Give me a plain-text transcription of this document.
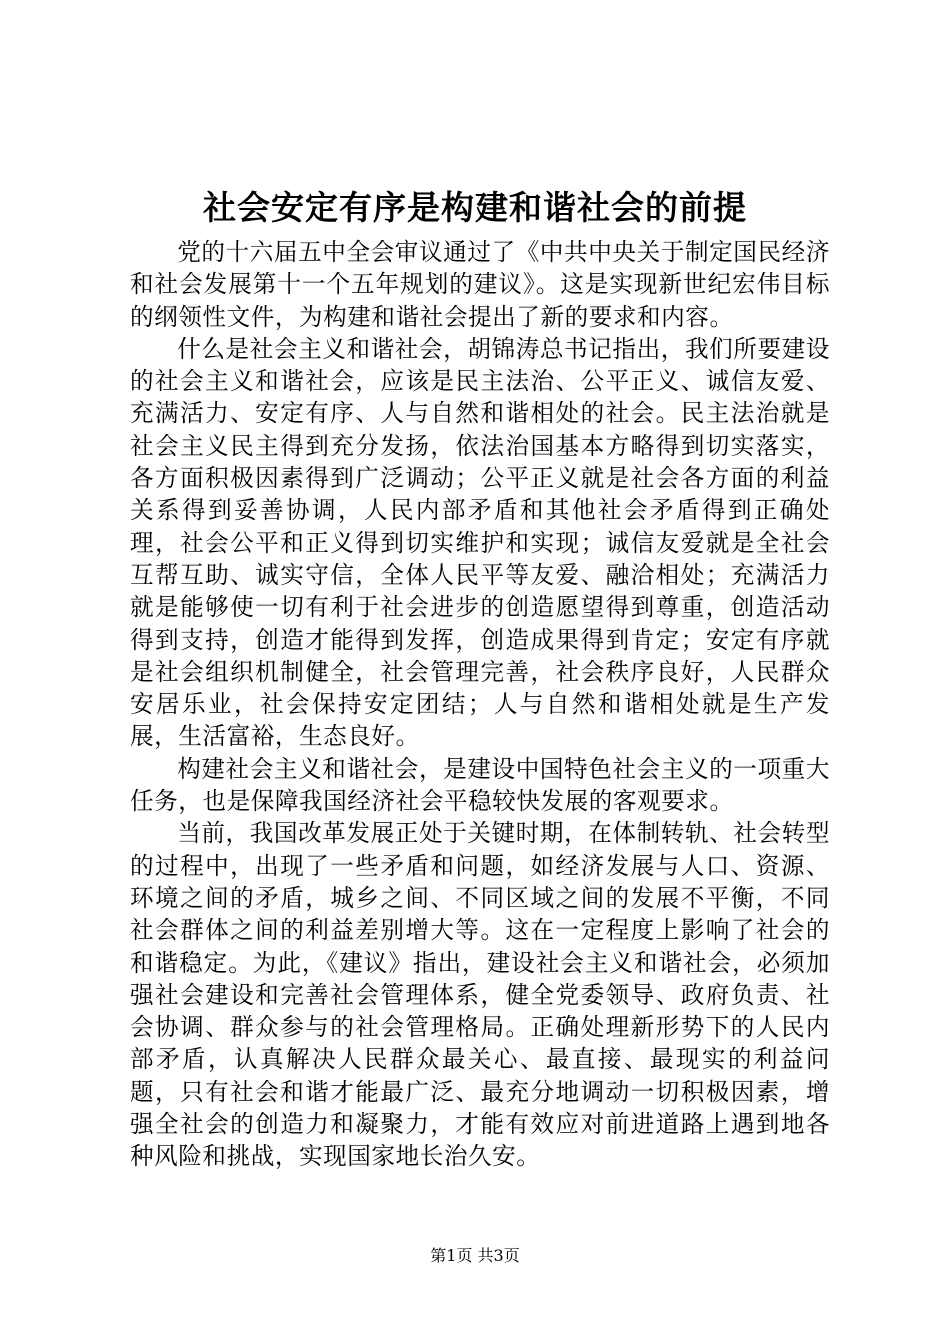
社会安定有序是构建和谐社会的前提

党的十六届五中全会审议通过了《中共中央关于制定国民经济和社会发展第十一个五年规划的建议》。这是实现新世纪宏伟目标的纲领性文件，为构建和谐社会提出了新的要求和内容。

什么是社会主义和谐社会，胡锦涛总书记指出，我们所要建设的社会主义和谐社会，应该是民主法治、公平正义、诚信友爱、充满活力、安定有序、人与自然和谐相处的社会。民主法治就是社会主义民主得到充分发扬，依法治国基本方略得到切实落实，各方面积极因素得到广泛调动；公平正义就是社会各方面的利益关系得到妥善协调，人民内部矛盾和其他社会矛盾得到正确处理，社会公平和正义得到切实维护和实现；诚信友爱就是全社会互帮互助、诚实守信，全体人民平等友爱、融洽相处；充满活力就是能够使一切有利于社会进步的创造愿望得到尊重，创造活动得到支持，创造才能得到发挥，创造成果得到肯定；安定有序就是社会组织机制健全，社会管理完善，社会秩序良好，人民群众安居乐业，社会保持安定团结；人与自然和谐相处就是生产发展，生活富裕，生态良好。

构建社会主义和谐社会，是建设中国特色社会主义的一项重大任务，也是保障我国经济社会平稳较快发展的客观要求。

当前，我国改革发展正处于关键时期，在体制转轨、社会转型的过程中，出现了一些矛盾和问题，如经济发展与人口、资源、环境之间的矛盾，城乡之间、不同区域之间的发展不平衡，不同社会群体之间的利益差别增大等。这在一定程度上影响了社会的和谐稳定。为此，《建议》指出，建设社会主义和谐社会，必须加强社会建设和完善社会管理体系，健全党委领导、政府负责、社会协调、群众参与的社会管理格局。正确处理新形势下的人民内部矛盾，认真解决人民群众最关心、最直接、最现实的利益问题，只有社会和谐才能最广泛、最充分地调动一切积极因素，增强全社会的创造力和凝聚力，才能有效应对前进道路上遇到地各种风险和挑战，实现国家地长治久安。

第1页 共3页
